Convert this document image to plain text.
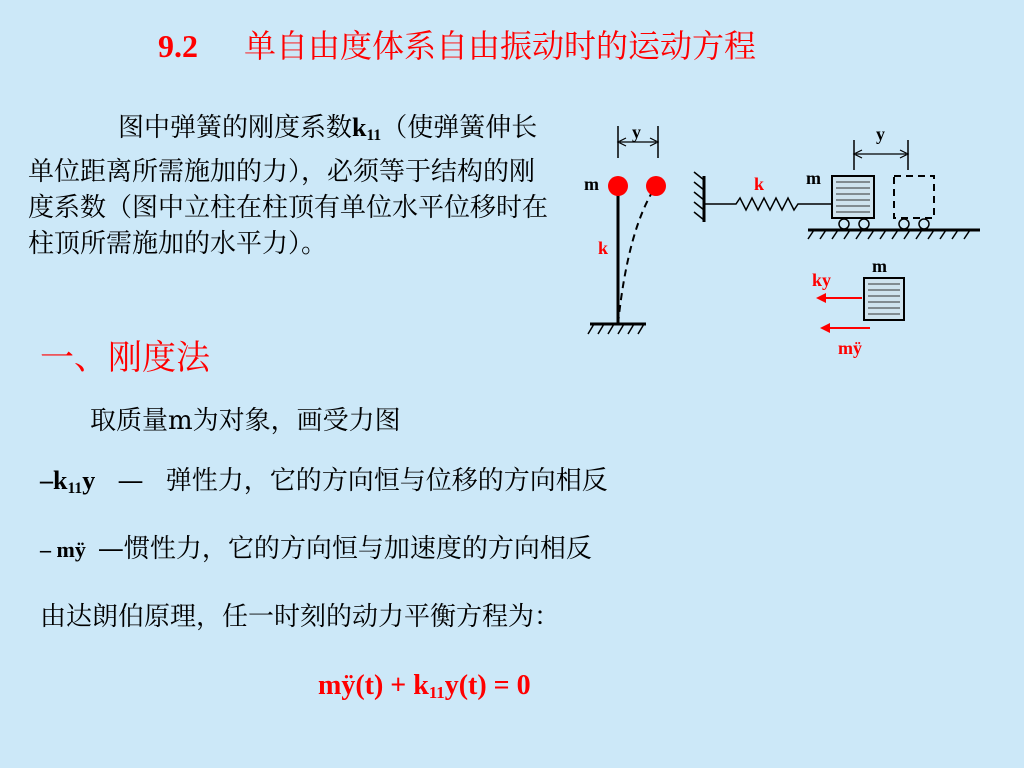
9.2 单自由度体系自由振动时的运动方程

图中弹簧的刚度系数$k_{11}$（使弹簧伸长单位距离所需施加的力），必须等于结构的刚度系数（图中立柱在柱顶有单位水平位移时在柱顶所需施加的水平力）。

y
m
k
k m
y
m
ky
mÿ
一、刚度法
取质量m为对象，画受力图
$-k_{11}y$ — 弹性力，它的方向恒与位移的方向相反
– mÿ —惯性力，它的方向恒与加速度的方向相反
由达朗伯原理，任一时刻的动力平衡方程为：
mÿ(t) + $k_{11}y(t) = 0$
